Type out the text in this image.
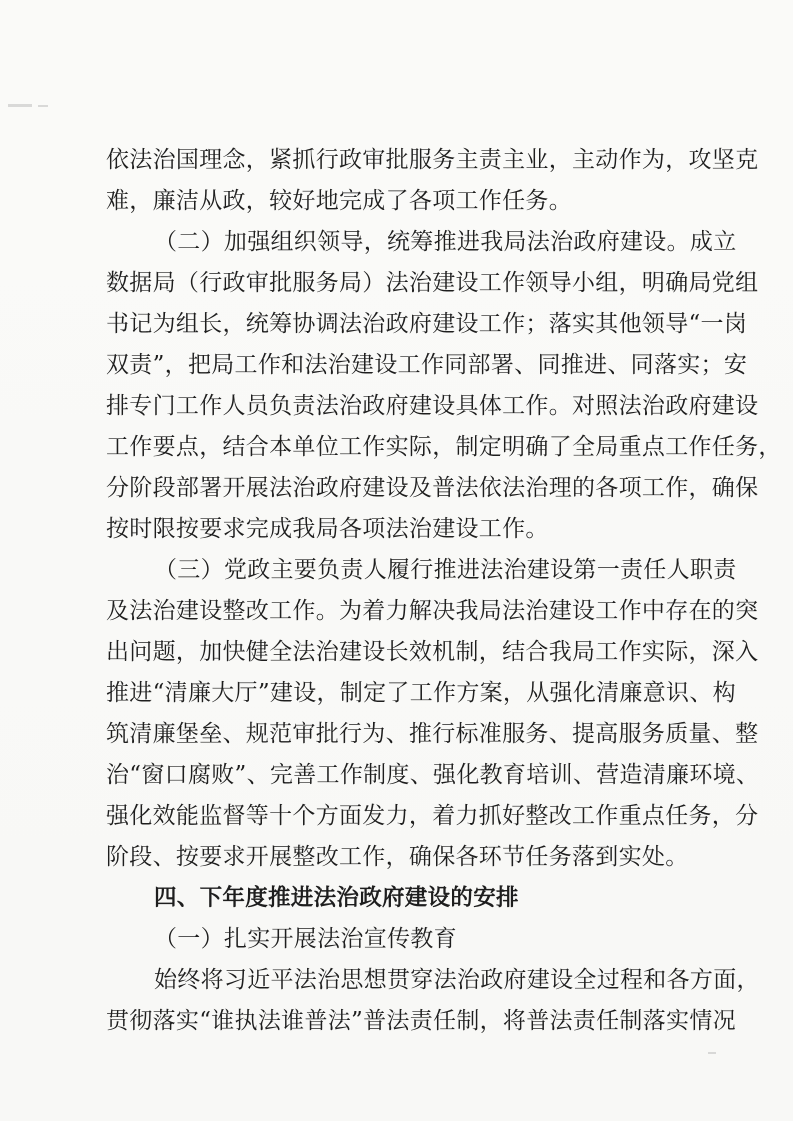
依法治国理念，紧抓行政审批服务主责主业，主动作为，攻坚克
难，廉洁从政，较好地完成了各项工作任务。
（二）加强组织领导，统筹推进我局法治政府建设。成立
数据局（行政审批服务局）法治建设工作领导小组，明确局党组
书记为组长，统筹协调法治政府建设工作；落实其他领导“一岗
双责”，把局工作和法治建设工作同部署、同推进、同落实；安
排专门工作人员负责法治政府建设具体工作。对照法治政府建设
工作要点，结合本单位工作实际，制定明确了全局重点工作任务，
分阶段部署开展法治政府建设及普法依法治理的各项工作，确保
按时限按要求完成我局各项法治建设工作。
（三）党政主要负责人履行推进法治建设第一责任人职责
及法治建设整改工作。为着力解决我局法治建设工作中存在的突
出问题，加快健全法治建设长效机制，结合我局工作实际，深入
推进“清廉大厅”建设，制定了工作方案，从强化清廉意识、构
筑清廉堡垒、规范审批行为、推行标准服务、提高服务质量、整
治“窗口腐败”、完善工作制度、强化教育培训、营造清廉环境、
强化效能监督等十个方面发力，着力抓好整改工作重点任务，分
阶段、按要求开展整改工作，确保各环节任务落到实处。
四、下年度推进法治政府建设的安排
（一）扎实开展法治宣传教育
始终将习近平法治思想贯穿法治政府建设全过程和各方面，
贯彻落实“谁执法谁普法”普法责任制，将普法责任制落实情况
